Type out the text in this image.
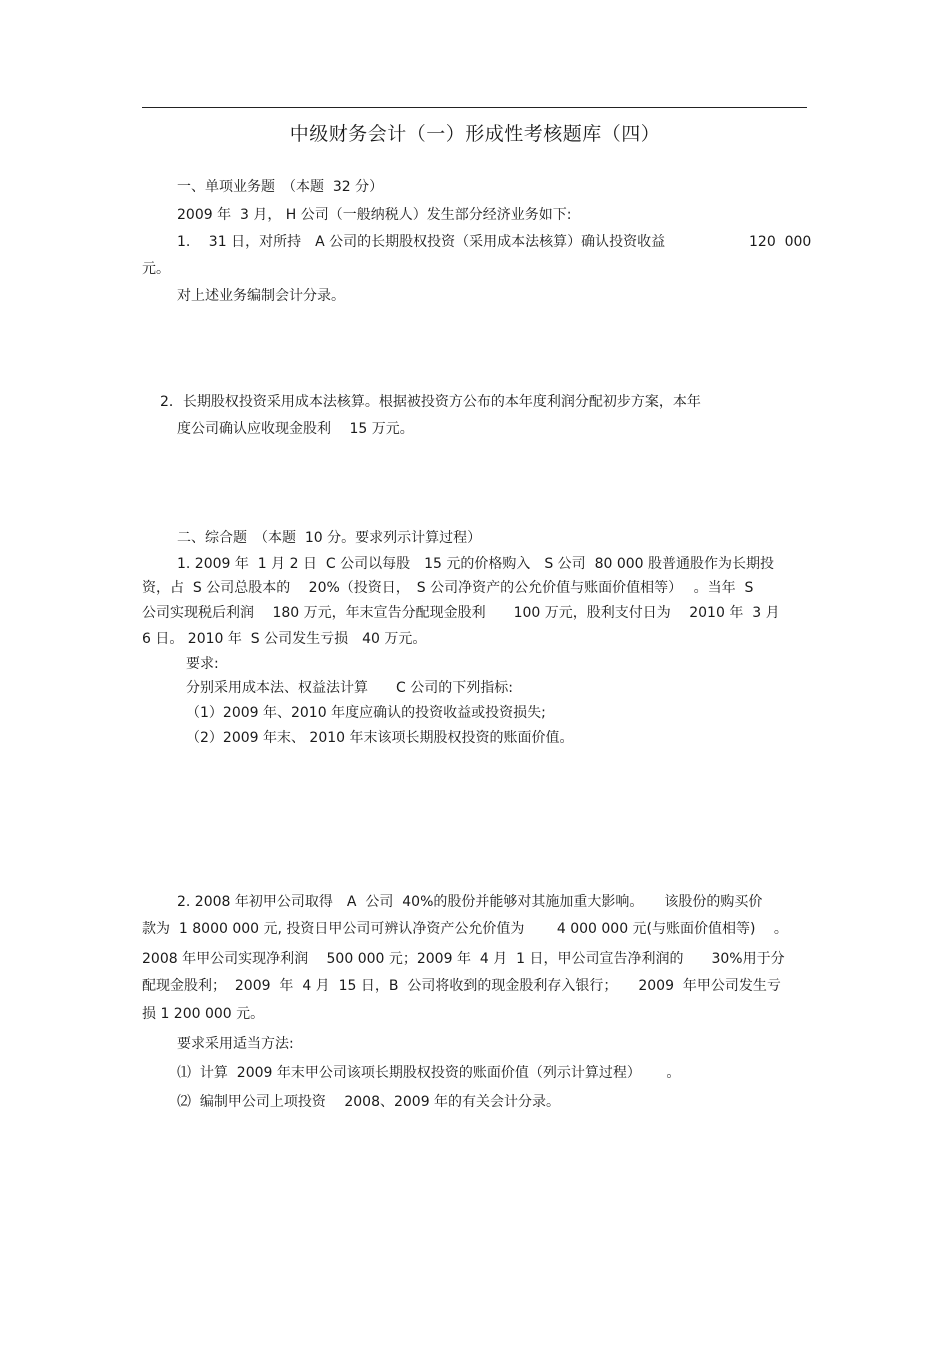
中级财务会计（一）形成性考核题库（四）
一、单项业务题　（本题  32 分）
2009 年  3 月， H 公司（一般纳税人）发生部分经济业务如下:
1.　 31 日，对所持　A 公司的长期股权投资（采用成本法核算）确认投资收益	120  000
元。
对上述业务编制会计分录。
2．长期股权投资采用成本法核算。根据被投资方公布的本年度利润分配初步方案，本年
度公司确认应收现金股利　 15 万元。
二、综合题　（本题  10 分。要求列示计算过程）
1. 2009 年  1 月 2 日  C 公司以每股　15 元的价格购入　S 公司  80 000 股普通股作为长期投
资，占  S 公司总股本的　 20%（投资日，　S 公司净资产的公允价值与账面价值相等）　 。当年  S
公司实现税后利润　 180 万元，年末宣告分配现金股利　　100 万元，股利支付日为　 2010 年  3 月
6 日。 2010 年  S 公司发生亏损　40 万元。
要求:
分别采用成本法、权益法计算　　C 公司的下列指标:
（1）2009 年、2010 年度应确认的投资收益或投资损失;
（2）2009 年末、 2010 年末该项长期股权投资的账面价值。
2. 2008 年初甲公司取得　A  公司  40%的股份并能够对其施加重大影响。　　该股份的购买价
款为  1 8000 000 元, 投资日甲公司可辨认净资产公允价值为　　 4 000 000 元(与账面价值相等)　 。
2008 年甲公司实现净利润　 500 000 元；2009 年  4 月  1 日，甲公司宣告净利润的　　30%用于分
配现金股利；  2009  年  4 月  15 日，B  公司将收到的现金股利存入银行；　　2009  年甲公司发生亏
损 1 200 000 元。
要求采用适当方法:
⑴  计算  2009 年末甲公司该项长期股权投资的账面价值（列示计算过程）　　 。
⑵  编制甲公司上项投资　 2008、2009 年的有关会计分录。
